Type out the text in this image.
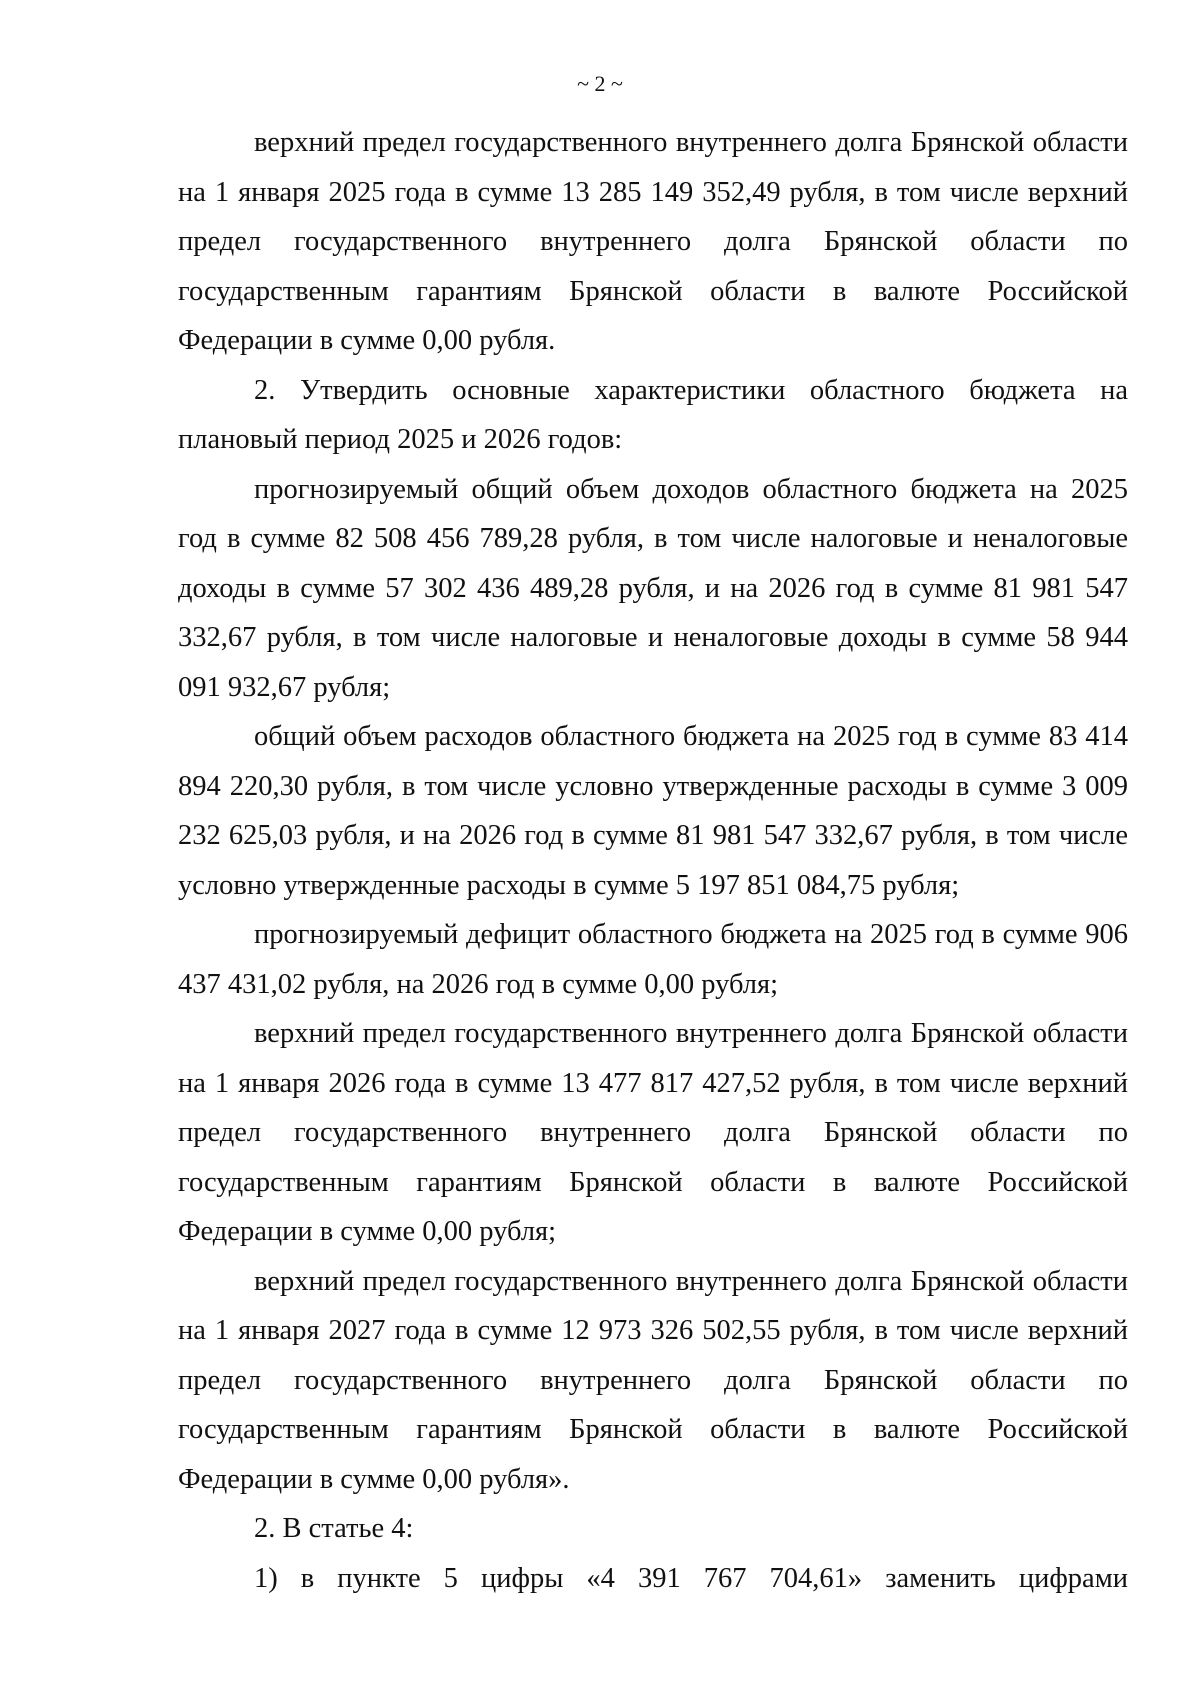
~ 2 ~

верхний предел государственного внутреннего долга Брянской области на 1 января 2025 года в сумме 13 285 149 352,49 рубля, в том числе верхний предел государственного внутреннего долга Брянской области по государственным гарантиям Брянской области в валюте Российской Федерации в сумме 0,00 рубля.

2. Утвердить основные характеристики областного бюджета на плановый период 2025 и 2026 годов:

прогнозируемый общий объем доходов областного бюджета на 2025 год в сумме 82 508 456 789,28 рубля, в том числе налоговые и неналоговые доходы в сумме 57 302 436 489,28 рубля, и на 2026 год в сумме 81 981 547 332,67 рубля, в том числе налоговые и неналоговые доходы в сумме 58 944 091 932,67 рубля;

общий объем расходов областного бюджета на 2025 год в сумме 83 414 894 220,30 рубля, в том числе условно утвержденные расходы в сумме 3 009 232 625,03 рубля, и на 2026 год в сумме 81 981 547 332,67 рубля, в том числе условно утвержденные расходы в сумме 5 197 851 084,75 рубля;

прогнозируемый дефицит областного бюджета на 2025 год в сумме 906 437 431,02 рубля, на 2026 год в сумме 0,00 рубля;

верхний предел государственного внутреннего долга Брянской области на 1 января 2026 года в сумме 13 477 817 427,52 рубля, в том числе верхний предел государственного внутреннего долга Брянской области по государственным гарантиям Брянской области в валюте Российской Федерации в сумме 0,00 рубля;

верхний предел государственного внутреннего долга Брянской области на 1 января 2027 года в сумме 12 973 326 502,55 рубля, в том числе верхний предел государственного внутреннего долга Брянской области по государственным гарантиям Брянской области в валюте Российской Федерации в сумме 0,00 рубля».

2. В статье 4:

1) в пункте 5 цифры «4 391 767 704,61» заменить цифрами
